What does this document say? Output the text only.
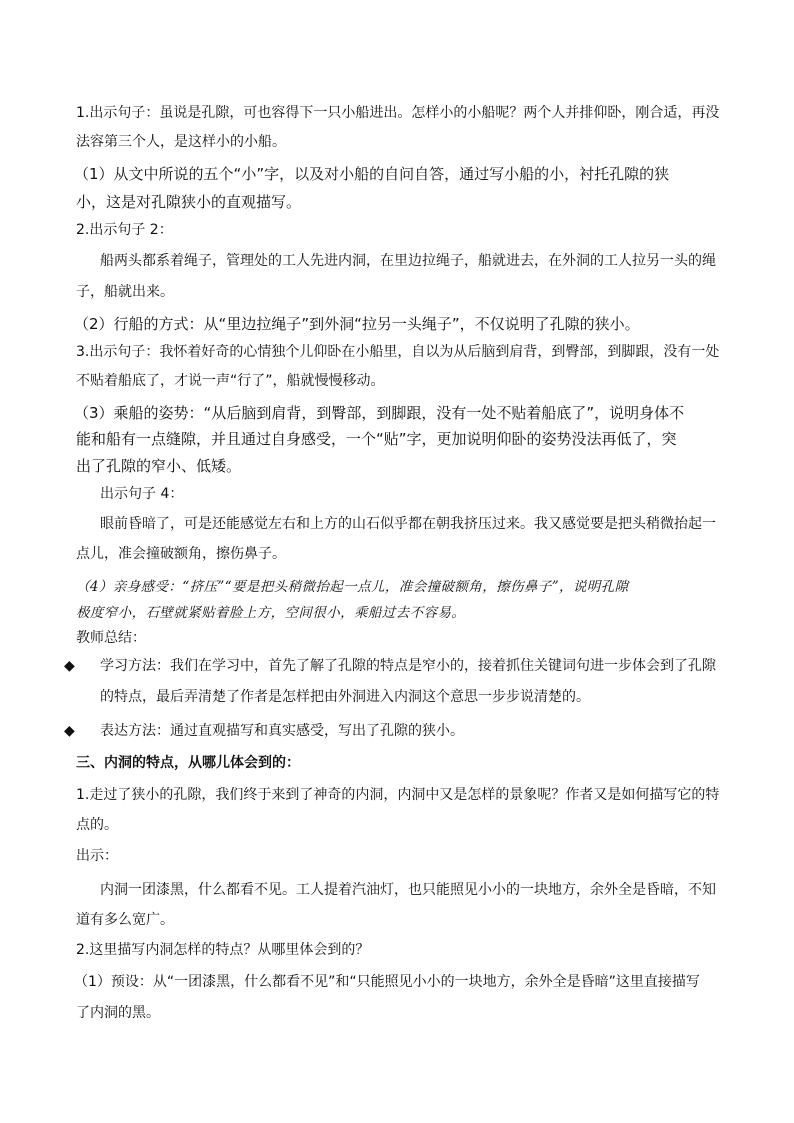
1.出示句子：虽说是孔隙，可也容得下一只小船进出。怎样小的小船呢？两个人并排仰卧，刚合适，再没
法容第三个人，是这样小的小船。
（1）从文中所说的五个“小”字，以及对小船的自问自答，通过写小船的小，衬托孔隙的狭
小，这是对孔隙狭小的直观描写。
2.出示句子 2：
船两头都系着绳子，管理处的工人先进内洞，在里边拉绳子，船就进去，在外洞的工人拉另一头的绳
子，船就出来。
（2）行船的方式：从“里边拉绳子”到外洞“拉另一头绳子”，不仅说明了孔隙的狭小。
3.出示句子：我怀着好奇的心情独个儿仰卧在小船里，自以为从后脑到肩背，到臀部，到脚跟，没有一处
不贴着船底了，才说一声“行了”，船就慢慢移动。
（3）乘船的姿势：“从后脑到肩背，到臀部，到脚跟，没有一处不贴着船底了”，说明身体不
能和船有一点缝隙，并且通过自身感受，一个“贴”字，更加说明仰卧的姿势没法再低了，突
出了孔隙的窄小、低矮。
出示句子 4：
眼前昏暗了，可是还能感觉左右和上方的山石似乎都在朝我挤压过来。我又感觉要是把头稍微抬起一
点儿，准会撞破额角，擦伤鼻子。
（4）亲身感受：“挤压”“要是把头稍微抬起一点儿，准会撞破额角，擦伤鼻子”，说明孔隙
极度窄小，石壁就紧贴着脸上方，空间很小，乘船过去不容易。
教师总结：
◆ 学习方法：我们在学习中，首先了解了孔隙的特点是窄小的，接着抓住关键词句进一步体会到了孔隙
的特点，最后弄清楚了作者是怎样把由外洞进入内洞这个意思一步步说清楚的。
◆ 表达方法：通过直观描写和真实感受，写出了孔隙的狭小。
三、内洞的特点，从哪儿体会到的：
1.走过了狭小的孔隙，我们终于来到了神奇的内洞，内洞中又是怎样的景象呢？作者又是如何描写它的特
点的。
出示：
内洞一团漆黑，什么都看不见。工人提着汽油灯，也只能照见小小的一块地方，余外全是昏暗，不知
道有多么宽广。
2.这里描写内洞怎样的特点？从哪里体会到的？
（1）预设：从“一团漆黑，什么都看不见”和“只能照见小小的一块地方，余外全是昏暗”这里直接描写
了内洞的黑。
